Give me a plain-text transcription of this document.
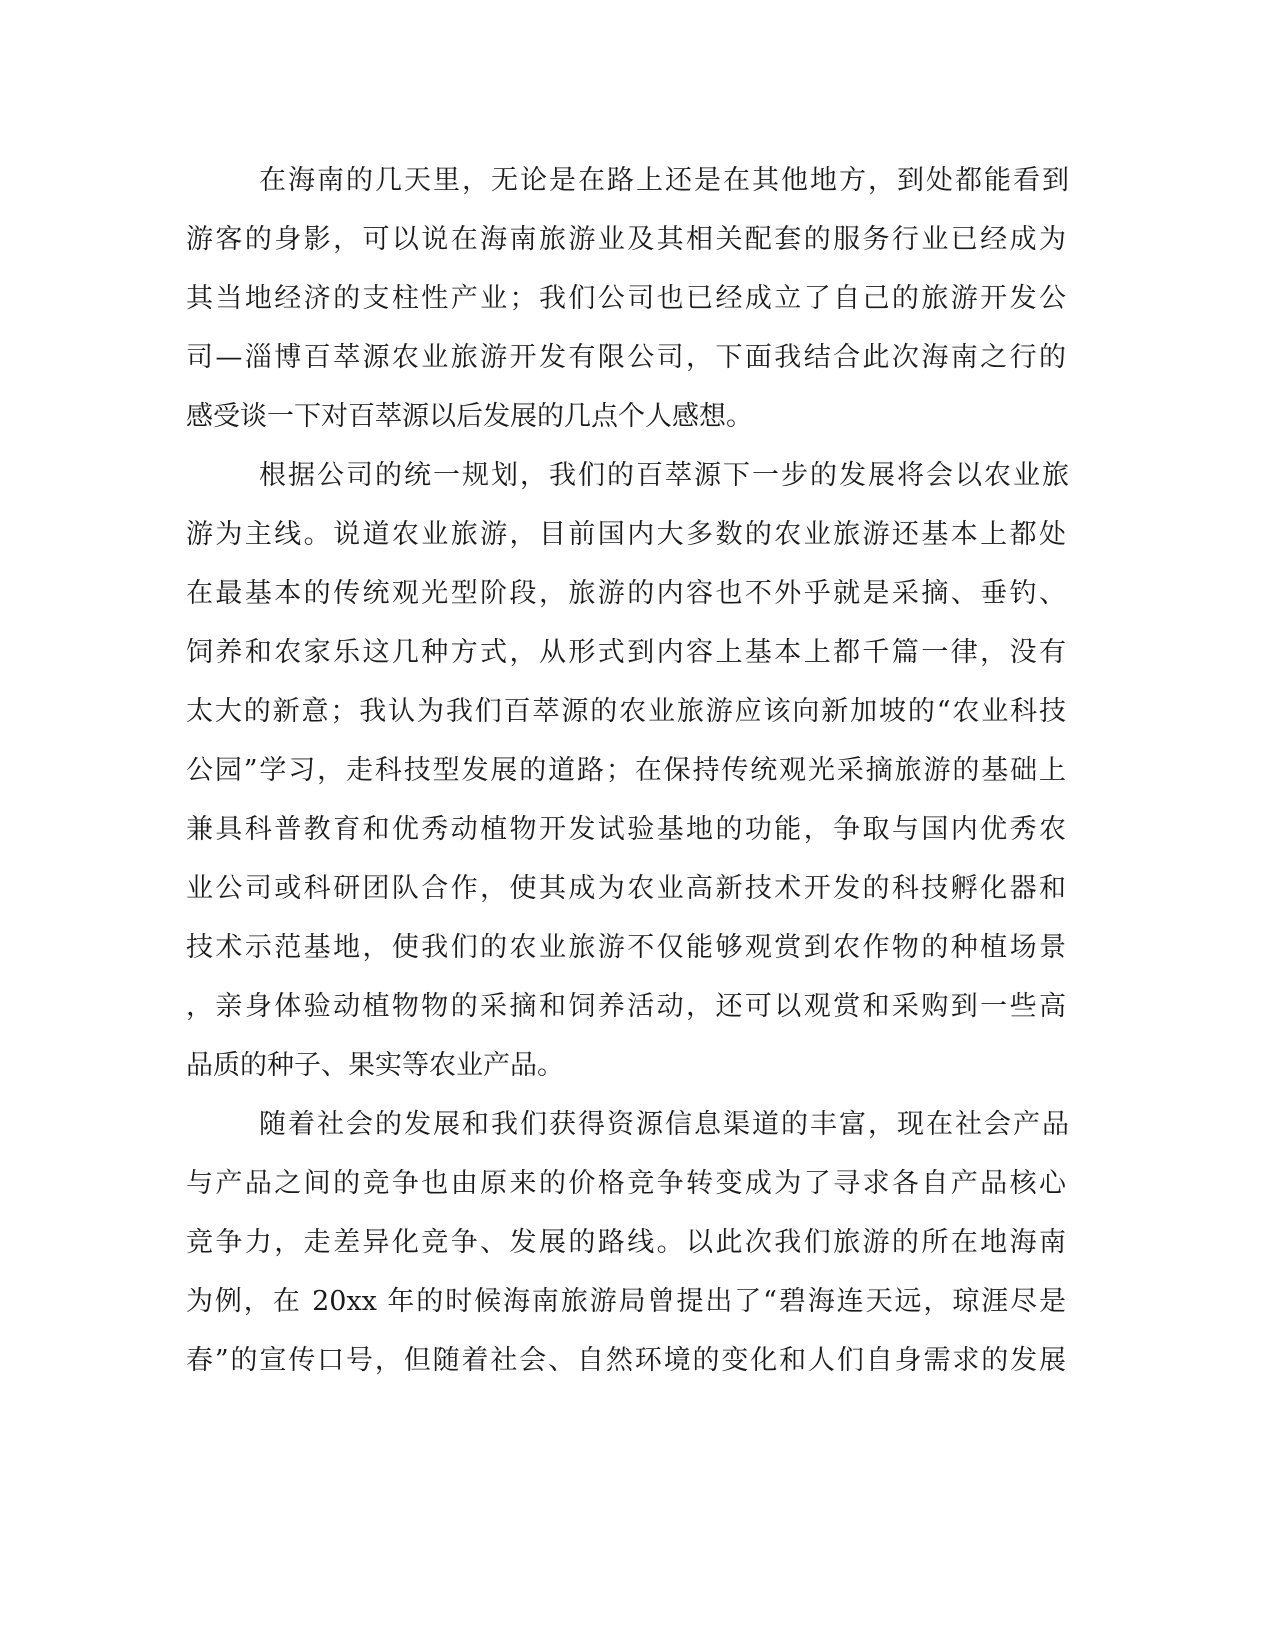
在海南的几天里，无论是在路上还是在其他地方，到处都能看到
游客的身影，可以说在海南旅游业及其相关配套的服务行业已经成为
其当地经济的支柱性产业；我们公司也已经成立了自己的旅游开发公
司—淄博百萃源农业旅游开发有限公司，下面我结合此次海南之行的
感受谈一下对百萃源以后发展的几点个人感想。
根据公司的统一规划，我们的百萃源下一步的发展将会以农业旅
游为主线。说道农业旅游，目前国内大多数的农业旅游还基本上都处
在最基本的传统观光型阶段，旅游的内容也不外乎就是采摘、垂钓、
饲养和农家乐这几种方式，从形式到内容上基本上都千篇一律，没有
太大的新意；我认为我们百萃源的农业旅游应该向新加坡的“农业科技
公园”学习，走科技型发展的道路；在保持传统观光采摘旅游的基础上
兼具科普教育和优秀动植物开发试验基地的功能，争取与国内优秀农
业公司或科研团队合作，使其成为农业高新技术开发的科技孵化器和
技术示范基地，使我们的农业旅游不仅能够观赏到农作物的种植场景
，亲身体验动植物物的采摘和饲养活动，还可以观赏和采购到一些高
品质的种子、果实等农业产品。
随着社会的发展和我们获得资源信息渠道的丰富，现在社会产品
与产品之间的竞争也由原来的价格竞争转变成为了寻求各自产品核心
竞争力，走差异化竞争、发展的路线。以此次我们旅游的所在地海南
为例，在 20xx 年的时候海南旅游局曾提出了“碧海连天远，琼涯尽是
春”的宣传口号，但随着社会、自然环境的变化和人们自身需求的发展
